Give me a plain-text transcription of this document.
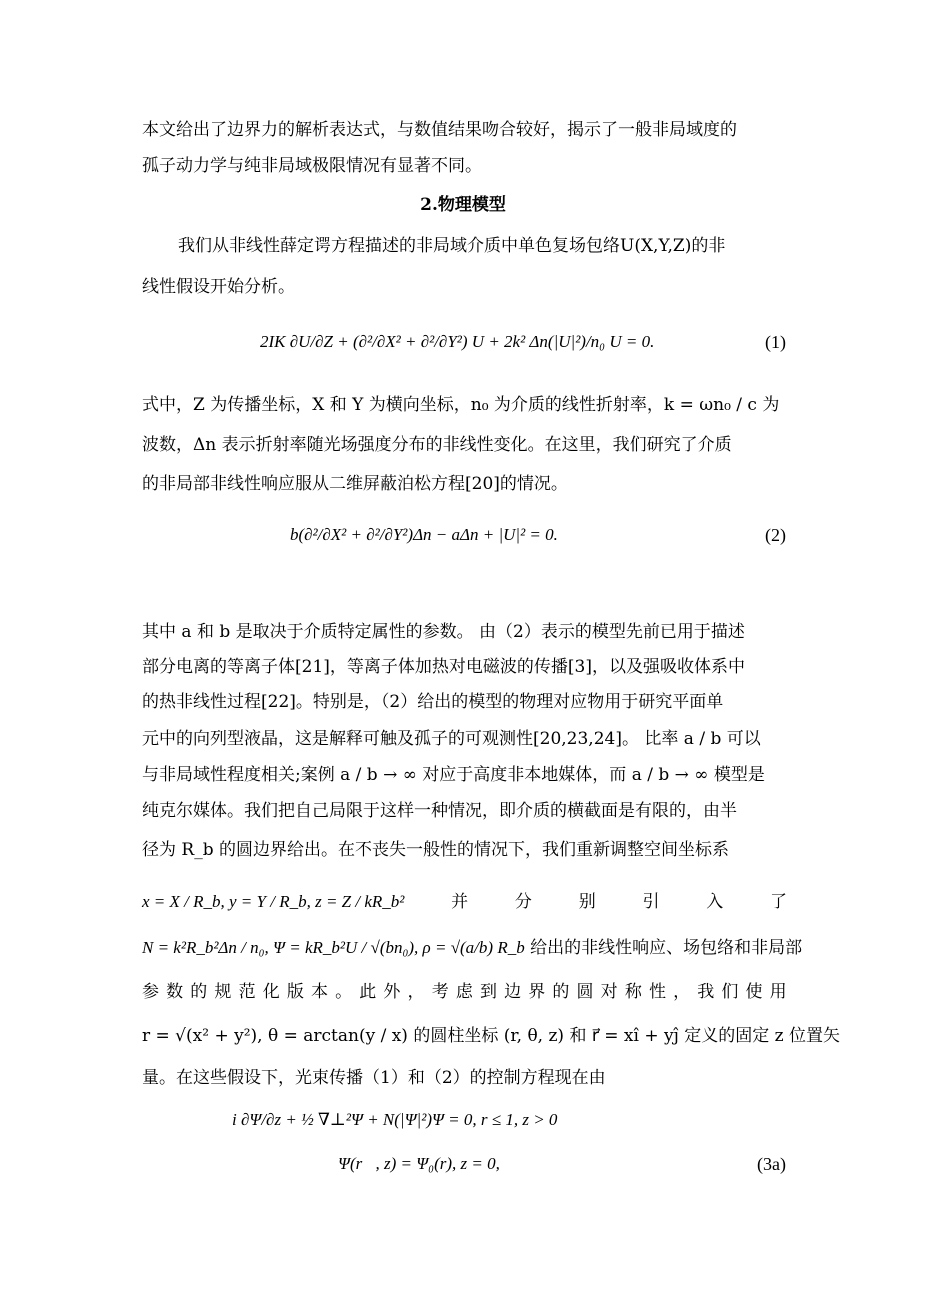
本文给出了边界力的解析表达式，与数值结果吻合较好，揭示了一般非局域度的
孤子动力学与纯非局域极限情况有显著不同。
2.物理模型
我们从非线性薛定谔方程描述的非局域介质中单色复场包络U(X,Y,Z)的非
线性假设开始分析。
2IK ∂U/∂Z + (∂²/∂X² + ∂²/∂Y²) U + 2k² Δn(|U|²)/n₀ U = 0.	(1)
式中，Z 为传播坐标，X 和 Y 为横向坐标，n₀ 为介质的线性折射率，k = ωn₀ / c 为
波数，Δn 表示折射率随光场强度分布的非线性变化。在这里，我们研究了介质
的非局部非线性响应服从二维屏蔽泊松方程[20]的情况。
b(∂²/∂X² + ∂²/∂Y²)Δn − aΔn + |U|² = 0.	(2)
其中 a 和 b 是取决于介质特定属性的参数。 由（2）表示的模型先前已用于描述
部分电离的等离子体[21]，等离子体加热对电磁波的传播[3]，以及强吸收体系中
的热非线性过程[22]。特别是，（2）给出的模型的物理对应物用于研究平面单
元中的向列型液晶，这是解释可触及孤子的可观测性[20,23,24]。 比率 a / b 可以
与非局域性程度相关;案例 a / b → ∞ 对应于高度非本地媒体，而 a / b → ∞ 模型是
纯克尔媒体。我们把自己局限于这样一种情况，即介质的横截面是有限的，由半
径为 R_b 的圆边界给出。在不丧失一般性的情况下，我们重新调整空间坐标系
x = X / R_b, y = Y / R_b, z = Z / kR_b²	并	分	别	引	入	了
N = k²R_b²Δn / n₀, Ψ = kR_b²U / √(bn₀), ρ = √(a/b) R_b 给出的非线性响应、场包络和非局部
参 数 的 规 范 化 版 本 。 此 外 ， 考 虑 到 边 界 的 圆 对 称 性 ， 我 们 使 用
r = √(x² + y²), θ = arctan(y / x) 的圆柱坐标 (r, θ, z) 和 r⃗ = xî + yĵ 定义的固定 z 位置矢
量。在这些假设下，光束传播（1）和（2）的控制方程现在由
i ∂Ψ/∂z + ½ ∇⊥²Ψ + N(|Ψ|²)Ψ = 0, r ≤ 1, z > 0
Ψ(r⃗, z) = Ψ₀(r), z = 0,	(3a)
